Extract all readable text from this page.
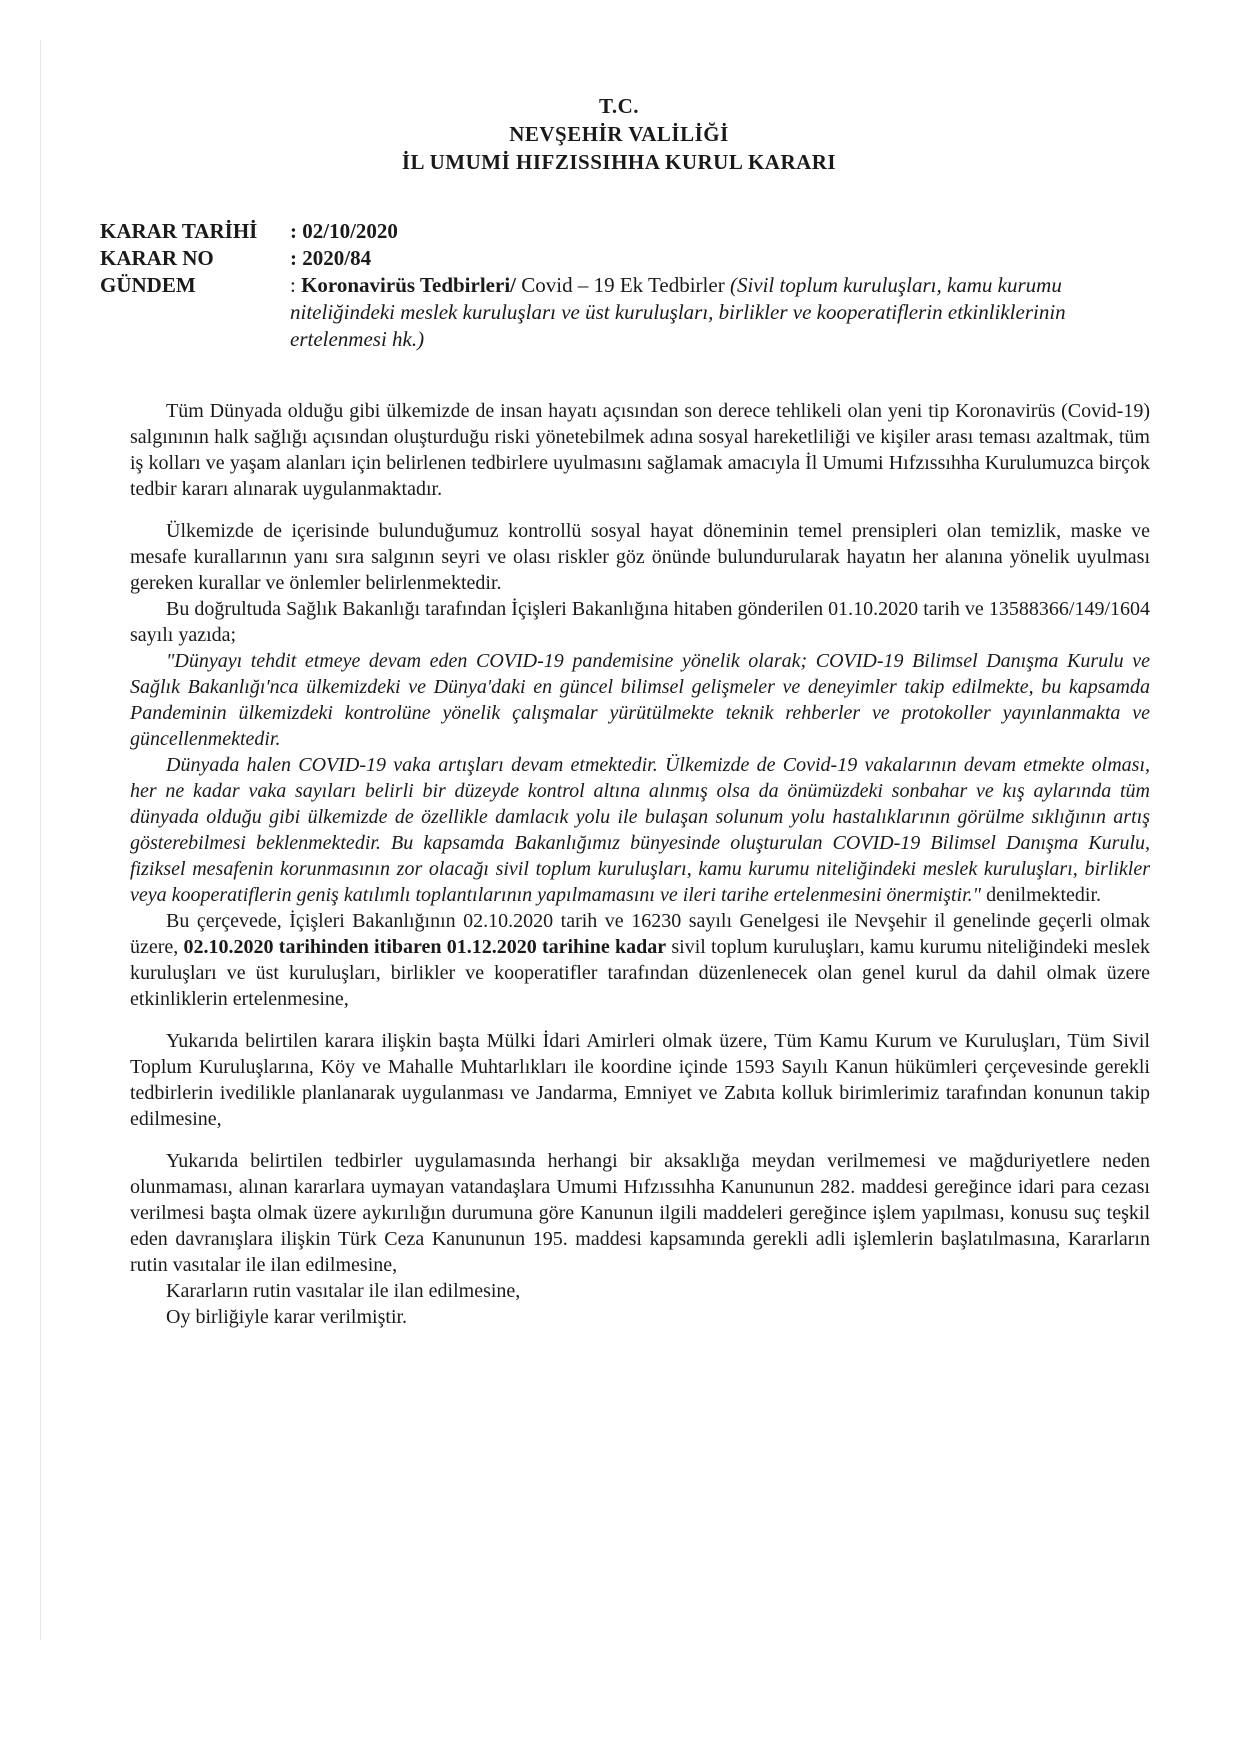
T.C.
NEVŞEHİR VALİLİĞİ
İL UMUMİ HIFZISSIHHA KURUL KARARI
KARAR TARİHİ	: 02/10/2020
KARAR NO	: 2020/84
GÜNDEM	: Koronavirüs Tedbirleri/ Covid – 19 Ek Tedbirler (Sivil toplum kuruluşları, kamu kurumu niteliğindeki meslek kuruluşları ve üst kuruluşları, birlikler ve kooperatiflerin etkinliklerinin ertelenmesi hk.)

Tüm Dünyada olduğu gibi ülkemizde de insan hayatı açısından son derece tehlikeli olan yeni tip Koronavirüs (Covid-19) salgınının halk sağlığı açısından oluşturduğu riski yönetebilmek adına sosyal hareketliliği ve kişiler arası teması azaltmak, tüm iş kolları ve yaşam alanları için belirlenen tedbirlere uyulmasını sağlamak amacıyla İl Umumi Hıfzıssıhha Kurulumuzca birçok tedbir kararı alınarak uygulanmaktadır.

Ülkemizde de içerisinde bulunduğumuz kontrollü sosyal hayat döneminin temel prensipleri olan temizlik, maske ve mesafe kurallarının yanı sıra salgının seyri ve olası riskler göz önünde bulundurularak hayatın her alanına yönelik uyulması gereken kurallar ve önlemler belirlenmektedir.

Bu doğrultuda Sağlık Bakanlığı tarafından İçişleri Bakanlığına hitaben gönderilen 01.10.2020 tarih ve 13588366/149/1604 sayılı yazıda;

"Dünyayı tehdit etmeye devam eden COVID-19 pandemisine yönelik olarak; COVID-19 Bilimsel Danışma Kurulu ve Sağlık Bakanlığı'nca ülkemizdeki ve Dünya'daki en güncel bilimsel gelişmeler ve deneyimler takip edilmekte, bu kapsamda Pandeminin ülkemizdeki kontrolüne yönelik çalışmalar yürütülmekte teknik rehberler ve protokoller yayınlanmakta ve güncellenmektedir.

Dünyada halen COVID-19 vaka artışları devam etmektedir. Ülkemizde de Covid-19 vakalarının devam etmekte olması, her ne kadar vaka sayıları belirli bir düzeyde kontrol altına alınmış olsa da önümüzdeki sonbahar ve kış aylarında tüm dünyada olduğu gibi ülkemizde de özellikle damlacık yolu ile bulaşan solunum yolu hastalıklarının görülme sıklığının artış gösterebilmesi beklenmektedir. Bu kapsamda Bakanlığımız bünyesinde oluşturulan COVID-19 Bilimsel Danışma Kurulu, fiziksel mesafenin korunmasının zor olacağı sivil toplum kuruluşları, kamu kurumu niteliğindeki meslek kuruluşları, birlikler veya kooperatiflerin geniş katılımlı toplantılarının yapılmamasını ve ileri tarihe ertelenmesini önermiştir." denilmektedir.

Bu çerçevede, İçişleri Bakanlığının 02.10.2020 tarih ve 16230 sayılı Genelgesi ile Nevşehir il genelinde geçerli olmak üzere, 02.10.2020 tarihinden itibaren 01.12.2020 tarihine kadar sivil toplum kuruluşları, kamu kurumu niteliğindeki meslek kuruluşları ve üst kuruluşları, birlikler ve kooperatifler tarafından düzenlenecek olan genel kurul da dahil olmak üzere etkinliklerin ertelenmesine,

Yukarıda belirtilen karara ilişkin başta Mülki İdari Amirleri olmak üzere, Tüm Kamu Kurum ve Kuruluşları, Tüm Sivil Toplum Kuruluşlarına, Köy ve Mahalle Muhtarlıkları ile koordine içinde 1593 Sayılı Kanun hükümleri çerçevesinde gerekli tedbirlerin ivedilikle planlanarak uygulanması ve Jandarma, Emniyet ve Zabıta kolluk birimlerimiz tarafından konunun takip edilmesine,

Yukarıda belirtilen tedbirler uygulamasında herhangi bir aksaklığa meydan verilmemesi ve mağduriyetlere neden olunmaması, alınan kararlara uymayan vatandaşlara Umumi Hıfzıssıhha Kanununun 282. maddesi gereğince idari para cezası verilmesi başta olmak üzere aykırılığın durumuna göre Kanunun ilgili maddeleri gereğince işlem yapılması, konusu suç teşkil eden davranışlara ilişkin Türk Ceza Kanununun 195. maddesi kapsamında gerekli adli işlemlerin başlatılmasına, Kararların rutin vasıtalar ile ilan edilmesine,

Kararların rutin vasıtalar ile ilan edilmesine,

Oy birliğiyle karar verilmiştir.
